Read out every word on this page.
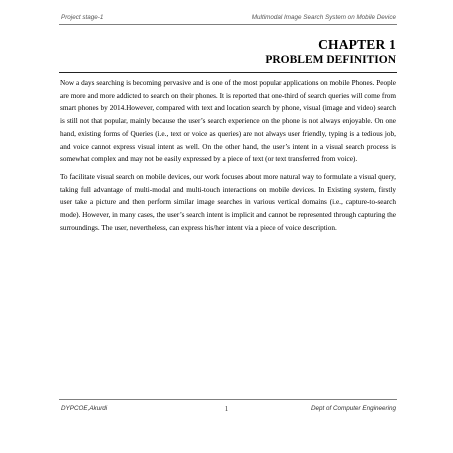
Project stage-1	Multimodal Image Search System on Mobile Device
CHAPTER 1
PROBLEM DEFINITION

Now a days searching is becoming pervasive and is one of the most popular applications on mobile Phones. People are more and more addicted to search on their phones. It is reported that one-third of search queries will come from smart phones by 2014.However, compared with text and location search by phone, visual (image and video) search is still not that popular, mainly because the user’s search experience on the phone is not always enjoyable. On one hand, existing forms of Queries (i.e., text or voice as queries) are not always user friendly, typing is a tedious job, and voice cannot express visual intent as well. On the other hand, the user’s intent in a visual search process is somewhat complex and may not be easily expressed by a piece of text (or text transferred from voice).

To facilitate visual search on mobile devices, our work focuses about more natural way to formulate a visual query, taking full advantage of multi-modal and multi-touch interactions on mobile devices. In Existing system, firstly user take a picture and then perform similar image searches in various vertical domains (i.e., capture-to-search mode). However, in many cases, the user’s search intent is implicit and cannot be represented through capturing the surroundings. The user, nevertheless, can express his/her intent via a piece of voice description.

DYPCOE,Akurdi	1	Dept of Computer Engineering
